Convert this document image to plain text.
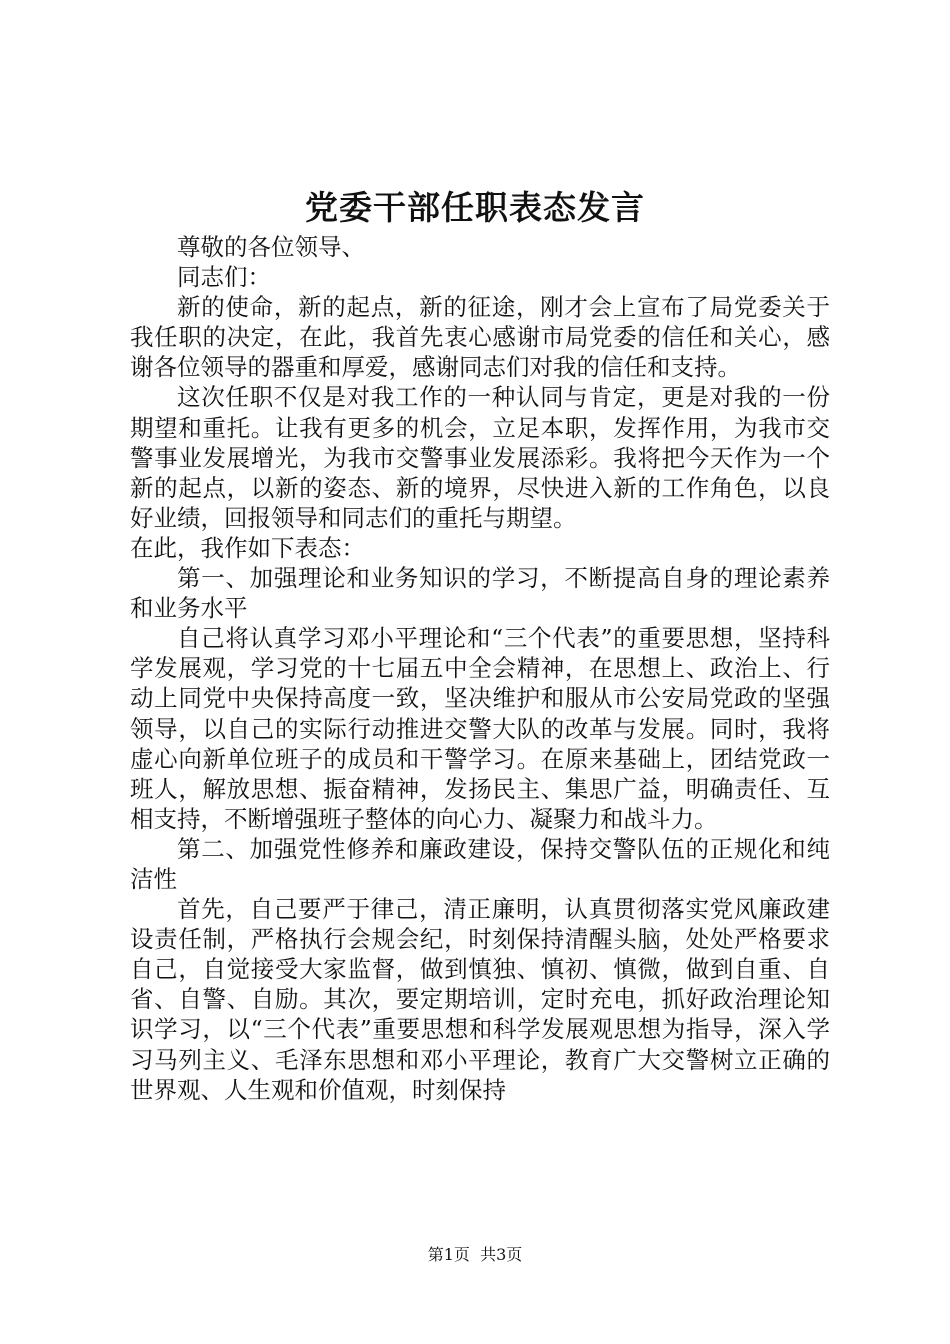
党委干部任职表态发言

尊敬的各位领导、

同志们：

新的使命，新的起点，新的征途，刚才会上宣布了局党委关于我任职的决定，在此，我首先衷心感谢市局党委的信任和关心，感谢各位领导的器重和厚爱，感谢同志们对我的信任和支持。

这次任职不仅是对我工作的一种认同与肯定，更是对我的一份期望和重托。让我有更多的机会，立足本职，发挥作用，为我市交警事业发展增光，为我市交警事业发展添彩。我将把今天作为一个新的起点，以新的姿态、新的境界，尽快进入新的工作角色，以良好业绩，回报领导和同志们的重托与期望。

在此，我作如下表态：

第一、加强理论和业务知识的学习，不断提高自身的理论素养和业务水平

自己将认真学习邓小平理论和“三个代表”的重要思想，坚持科学发展观，学习党的十七届五中全会精神，在思想上、政治上、行动上同党中央保持高度一致，坚决维护和服从市公安局党政的坚强领导，以自己的实际行动推进交警大队的改革与发展。同时，我将虚心向新单位班子的成员和干警学习。在原来基础上，团结党政一班人，解放思想、振奋精神，发扬民主、集思广益，明确责任、互相支持，不断增强班子整体的向心力、凝聚力和战斗力。

第二、加强党性修养和廉政建设，保持交警队伍的正规化和纯洁性

首先，自己要严于律己，清正廉明，认真贯彻落实党风廉政建设责任制，严格执行会规会纪，时刻保持清醒头脑，处处严格要求自己，自觉接受大家监督，做到慎独、慎初、慎微，做到自重、自省、自警、自励。其次，要定期培训，定时充电，抓好政治理论知识学习，以“三个代表”重要思想和科学发展观思想为指导，深入学习马列主义、毛泽东思想和邓小平理论，教育广大交警树立正确的世界观、人生观和价值观，时刻保持

第1页  共3页
